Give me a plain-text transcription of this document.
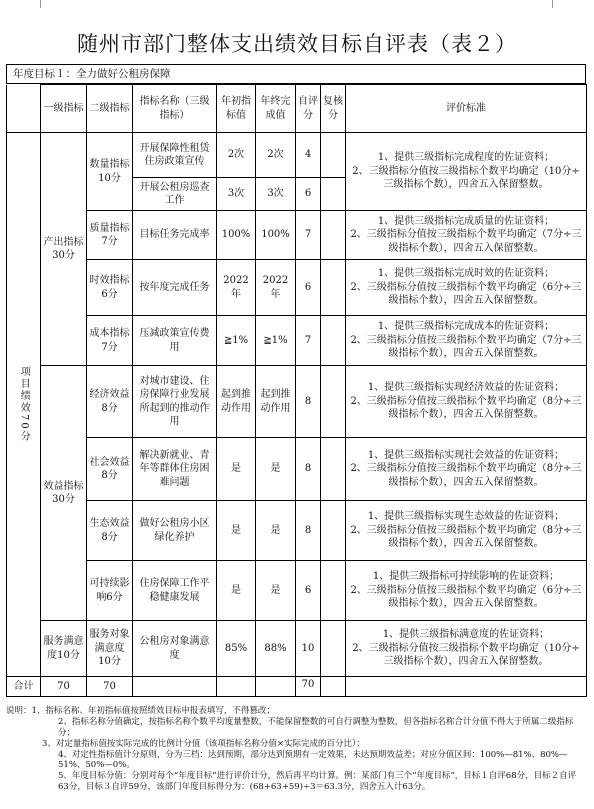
随州市部门整体支出绩效目标自评表（表２）
年度目标１：全力做好公租房保障
	一级指标	二级指标	指标名称（三级指标）	年初指标值	年终完成值	自评分	复核分	评价标准

项目绩效70分	产出指标30分	数量指标10分	开展保障性租赁住房政策宣传	2次	2次	4		1、提供三级指标完成程度的佐证资料；
2、三级指标分值按三级指标个数平均确定（10分÷三级指标个数），四舍五入保留整数。
			开展公租房巡查工作	3次	3次	6		
		质量指标7分	目标任务完成率	100%	100%	7		1、提供三级指标完成质量的佐证资料；
2、三级指标分值按三级指标个数平均确定（7分÷三级指标个数），四舍五入保留整数。
		时效指标6分	按年度完成任务	2022年	2022年	6		1、提供三级指标完成时效的佐证资料；
2、三级指标分值按三级指标个数平均确定（6分÷三级指标个数），四舍五入保留整数。
		成本指标7分	压减政策宣传费用	≧1%	≧1%	7		1、提供三级指标完成成本的佐证资料；
2、三级指标分值按三级指标个数平均确定（7分÷三级指标个数），四舍五入保留整数。
	效益指标30分	经济效益8分	对城市建设、住房保障行业发展所起到的推动作用	起到推动作用	起到推动作用	8		1、提供三级指标实现经济效益的佐证资料；
2、三级指标分值按三级指标个数平均确定（8分÷三级指标个数），四舍五入保留整数。
		社会效益8分	解决新就业、青年等群体住房困难问题	是	是	8		1、提供三级指标实现社会效益的佐证资料；
2、三级指标分值按三级指标个数平均确定（8分÷三级指标个数），四舍五入保留整数。
		生态效益8分	做好公租房小区绿化养护	是	是	8		1、提供三级指标实现生态效益的佐证资料；
2、三级指标分值按三级指标个数平均确定（8分÷三级指标个数），四舍五入保留整数。
		可持续影响6分	住房保障工作平稳健康发展	是	是	6		1、提供三级指标可持续影响的佐证资料；
2、三级指标分值按三级指标个数平均确定（6分÷三级指标个数），四舍五入保留整数。
	服务满意度10分	服务对象满意度10分	公租房对象满意度	85%	88%	10		1、提供三级指标满意度的佐证资料；
2、三级指标分值按三级指标个数平均确定（10分÷三级指标个数），四舍五入保留整数。
合计	70	70				70		
说明：1、指标名称、年初指标值按照绩效目标申报表填写，不得篡改；
2、指标名称分值确定，按指标名称个数平均度量整数，不能保留整数的可自行调整为整数，但各指标名称合计分值不得大于所属二级指标分；
3、对定量指标值按实际完成的比例计分值（该项指标名称分值×实际完成的百分比）；
4、对定性指标值计分原则，分为三档：达到预期，部分达到预期有一定效果，未达预期效益差；对应分值区间：100%—81%、80%—51%、50%—0%。
5、年度目标分值：分别对每个“年度目标”进行评价计分，然后再平均计算。例：某部门有三个“年度目标”，目标１自评68分，目标２自评63分，目标３自评59分，该部门年度目标得分为：(68+63+59)÷3＝63.3分，四舍五入计63分。
